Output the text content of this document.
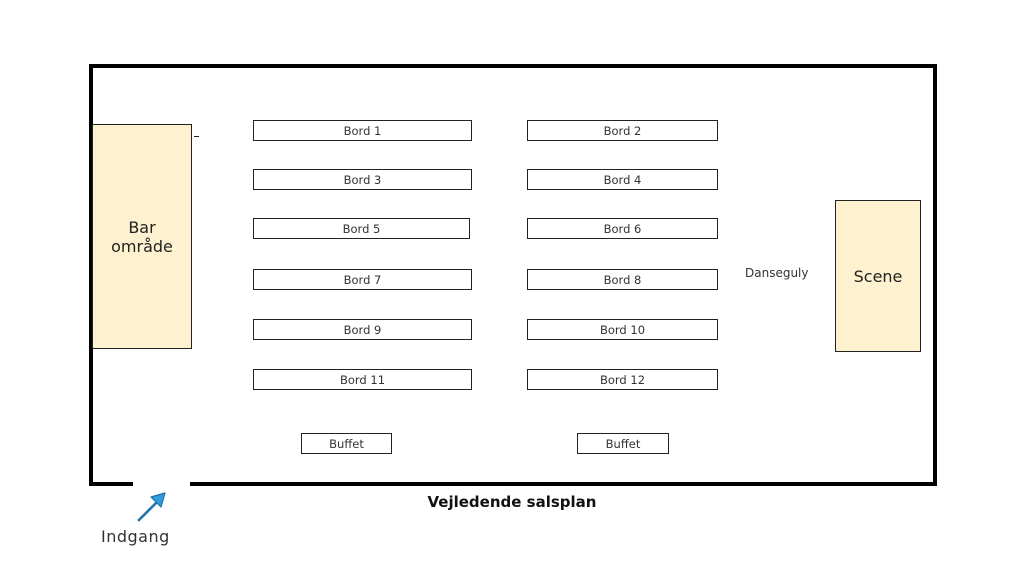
Bar
område
Bord 1	Bord 2
Bord 3	Bord 4
Bord 5	Bord 6
Bord 7	Bord 8
Bord 9	Bord 10
Bord 11	Bord 12
Buffet	Buffet
Danseguly	Scene
Vejledende salsplan
Indgang
